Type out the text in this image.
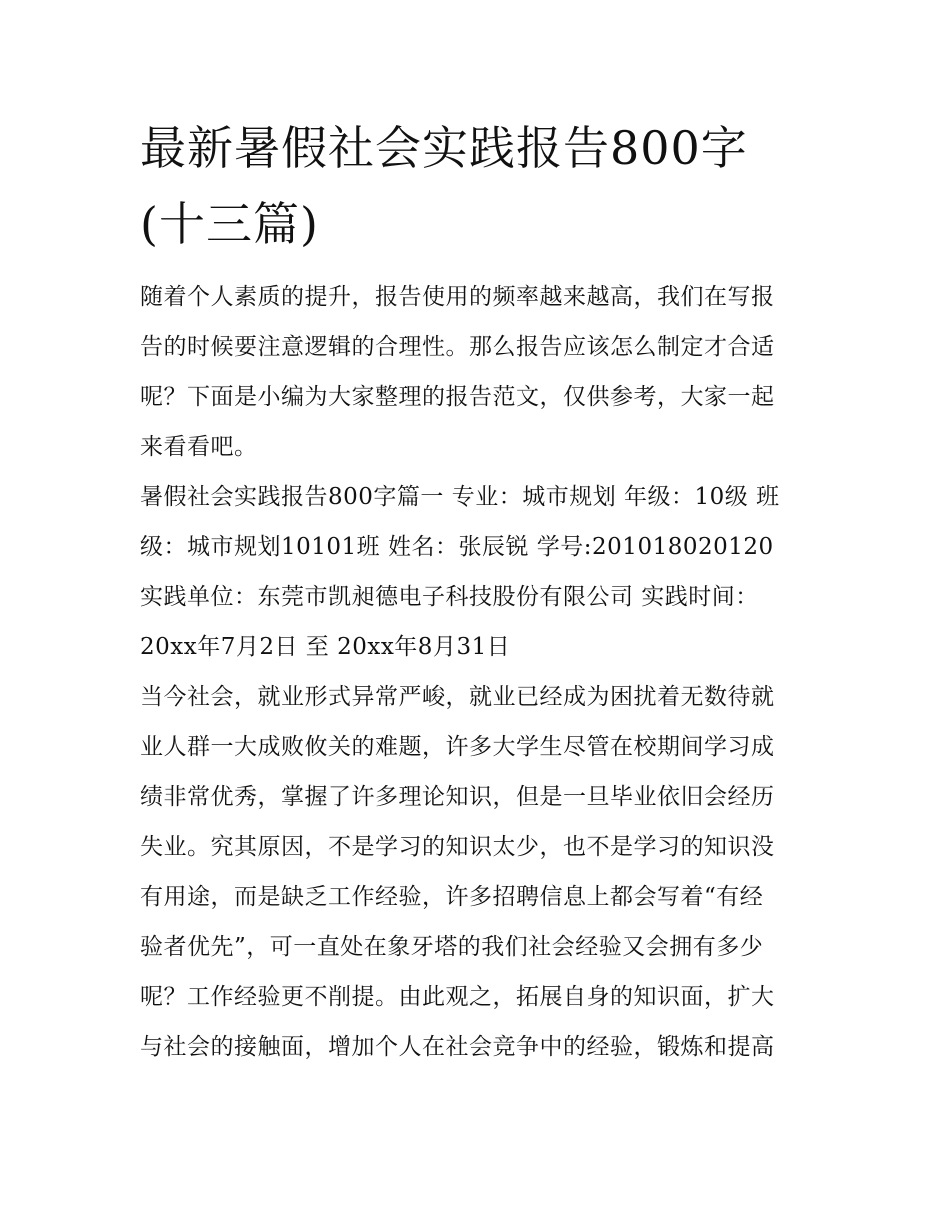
最新暑假社会实践报告800字
(十三篇)

随着个人素质的提升，报告使用的频率越来越高，我们在写报
告的时候要注意逻辑的合理性。那么报告应该怎么制定才合适
呢？下面是小编为大家整理的报告范文，仅供参考，大家一起
来看看吧。

暑假社会实践报告800字篇一 专业：城市规划 年级：10级 班
级：城市规划10101班 姓名：张辰锐 学号:201018020120

实践单位：东莞市凯昶德电子科技股份有限公司 实践时间：
20xx年7月2日 至 20xx年8月31日

当今社会，就业形式异常严峻，就业已经成为困扰着无数待就
业人群一大成败攸关的难题，许多大学生尽管在校期间学习成
绩非常优秀，掌握了许多理论知识，但是一旦毕业依旧会经历
失业。究其原因，不是学习的知识太少，也不是学习的知识没
有用途，而是缺乏工作经验，许多招聘信息上都会写着“有经
验者优先”，可一直处在象牙塔的我们社会经验又会拥有多少
呢？工作经验更不削提。由此观之，拓展自身的知识面，扩大
与社会的接触面，增加个人在社会竞争中的经验，锻炼和提高
